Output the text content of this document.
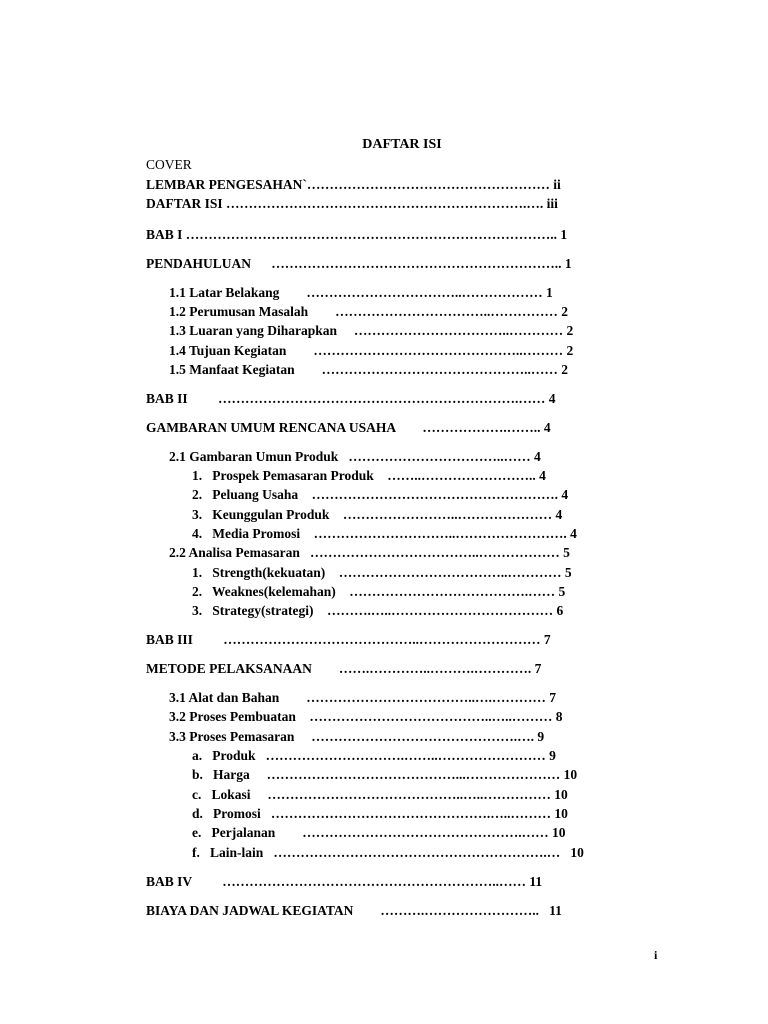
DAFTAR ISI
COVER
LEMBAR PENGESAHAN`……………………………………………… ii
DAFTAR ISI ………………………………………………………….…. iii
BAB I ……………………………………………………………………….. 1
PENDAHULUAN      ……………………………………………………….. 1
1.1 Latar Belakang        ……………………………..……………… 1
1.2 Perumusan Masalah        ……………………………..…………… 2
1.3 Luaran yang Diharapkan     ……………………………..………… 2
1.4 Tujuan Kegiatan        ………………………………………..……… 2
1.5 Manfaat Kegiatan        ………………………………………..…… 2
BAB II         ………………………………………………………….…… 4
GAMBARAN UMUM RENCANA USAHA        ……………….…….. 4
2.1 Gambaran Umun Produk   ……………………………..…… 4
1.   Prospek Pemasaran Produk    ……..…………………….. 4
2.   Peluang Usaha    ………………………………………………. 4
3.   Keunggulan Produk    ……………………..………………… 4
4.   Media Promosi    …………………………..……………………. 4
2.2 Analisa Pemasaran   ………………………………..……………… 5
1.   Strength(kekuatan)    ………………………………..………… 5
2.   Weaknes(kelemahan)    ………………………………….…… 5
3.   Strategy(strategi)    ……….…..……………………………… 6
BAB III         ……………………………………..……………………… 7
METODE PELAKSANAAN        …….…………..……….…………. 7
3.1 Alat dan Bahan        ………………………………..….………… 7
3.2 Proses Pembuatan    …………………………………..…..……… 8
3.3 Proses Pemasaran     ……………………………………….…. 9
a.   Produk   ………………………….……..…………………… 9
b.   Harga     ……………………………………...………………… 10
c.   Lokasi     ……………………………………..…..…………… 10
d.   Promosi   ………………………………………….…..……… 10
e.   Perjalanan        ………………………………………….…… 10
f.   Lain-lain   …………………………………………………….…   10
BAB IV         ……………………………………………………..…… 11
BIAYA DAN JADWAL KEGIATAN        ……….……………………..   11
i
